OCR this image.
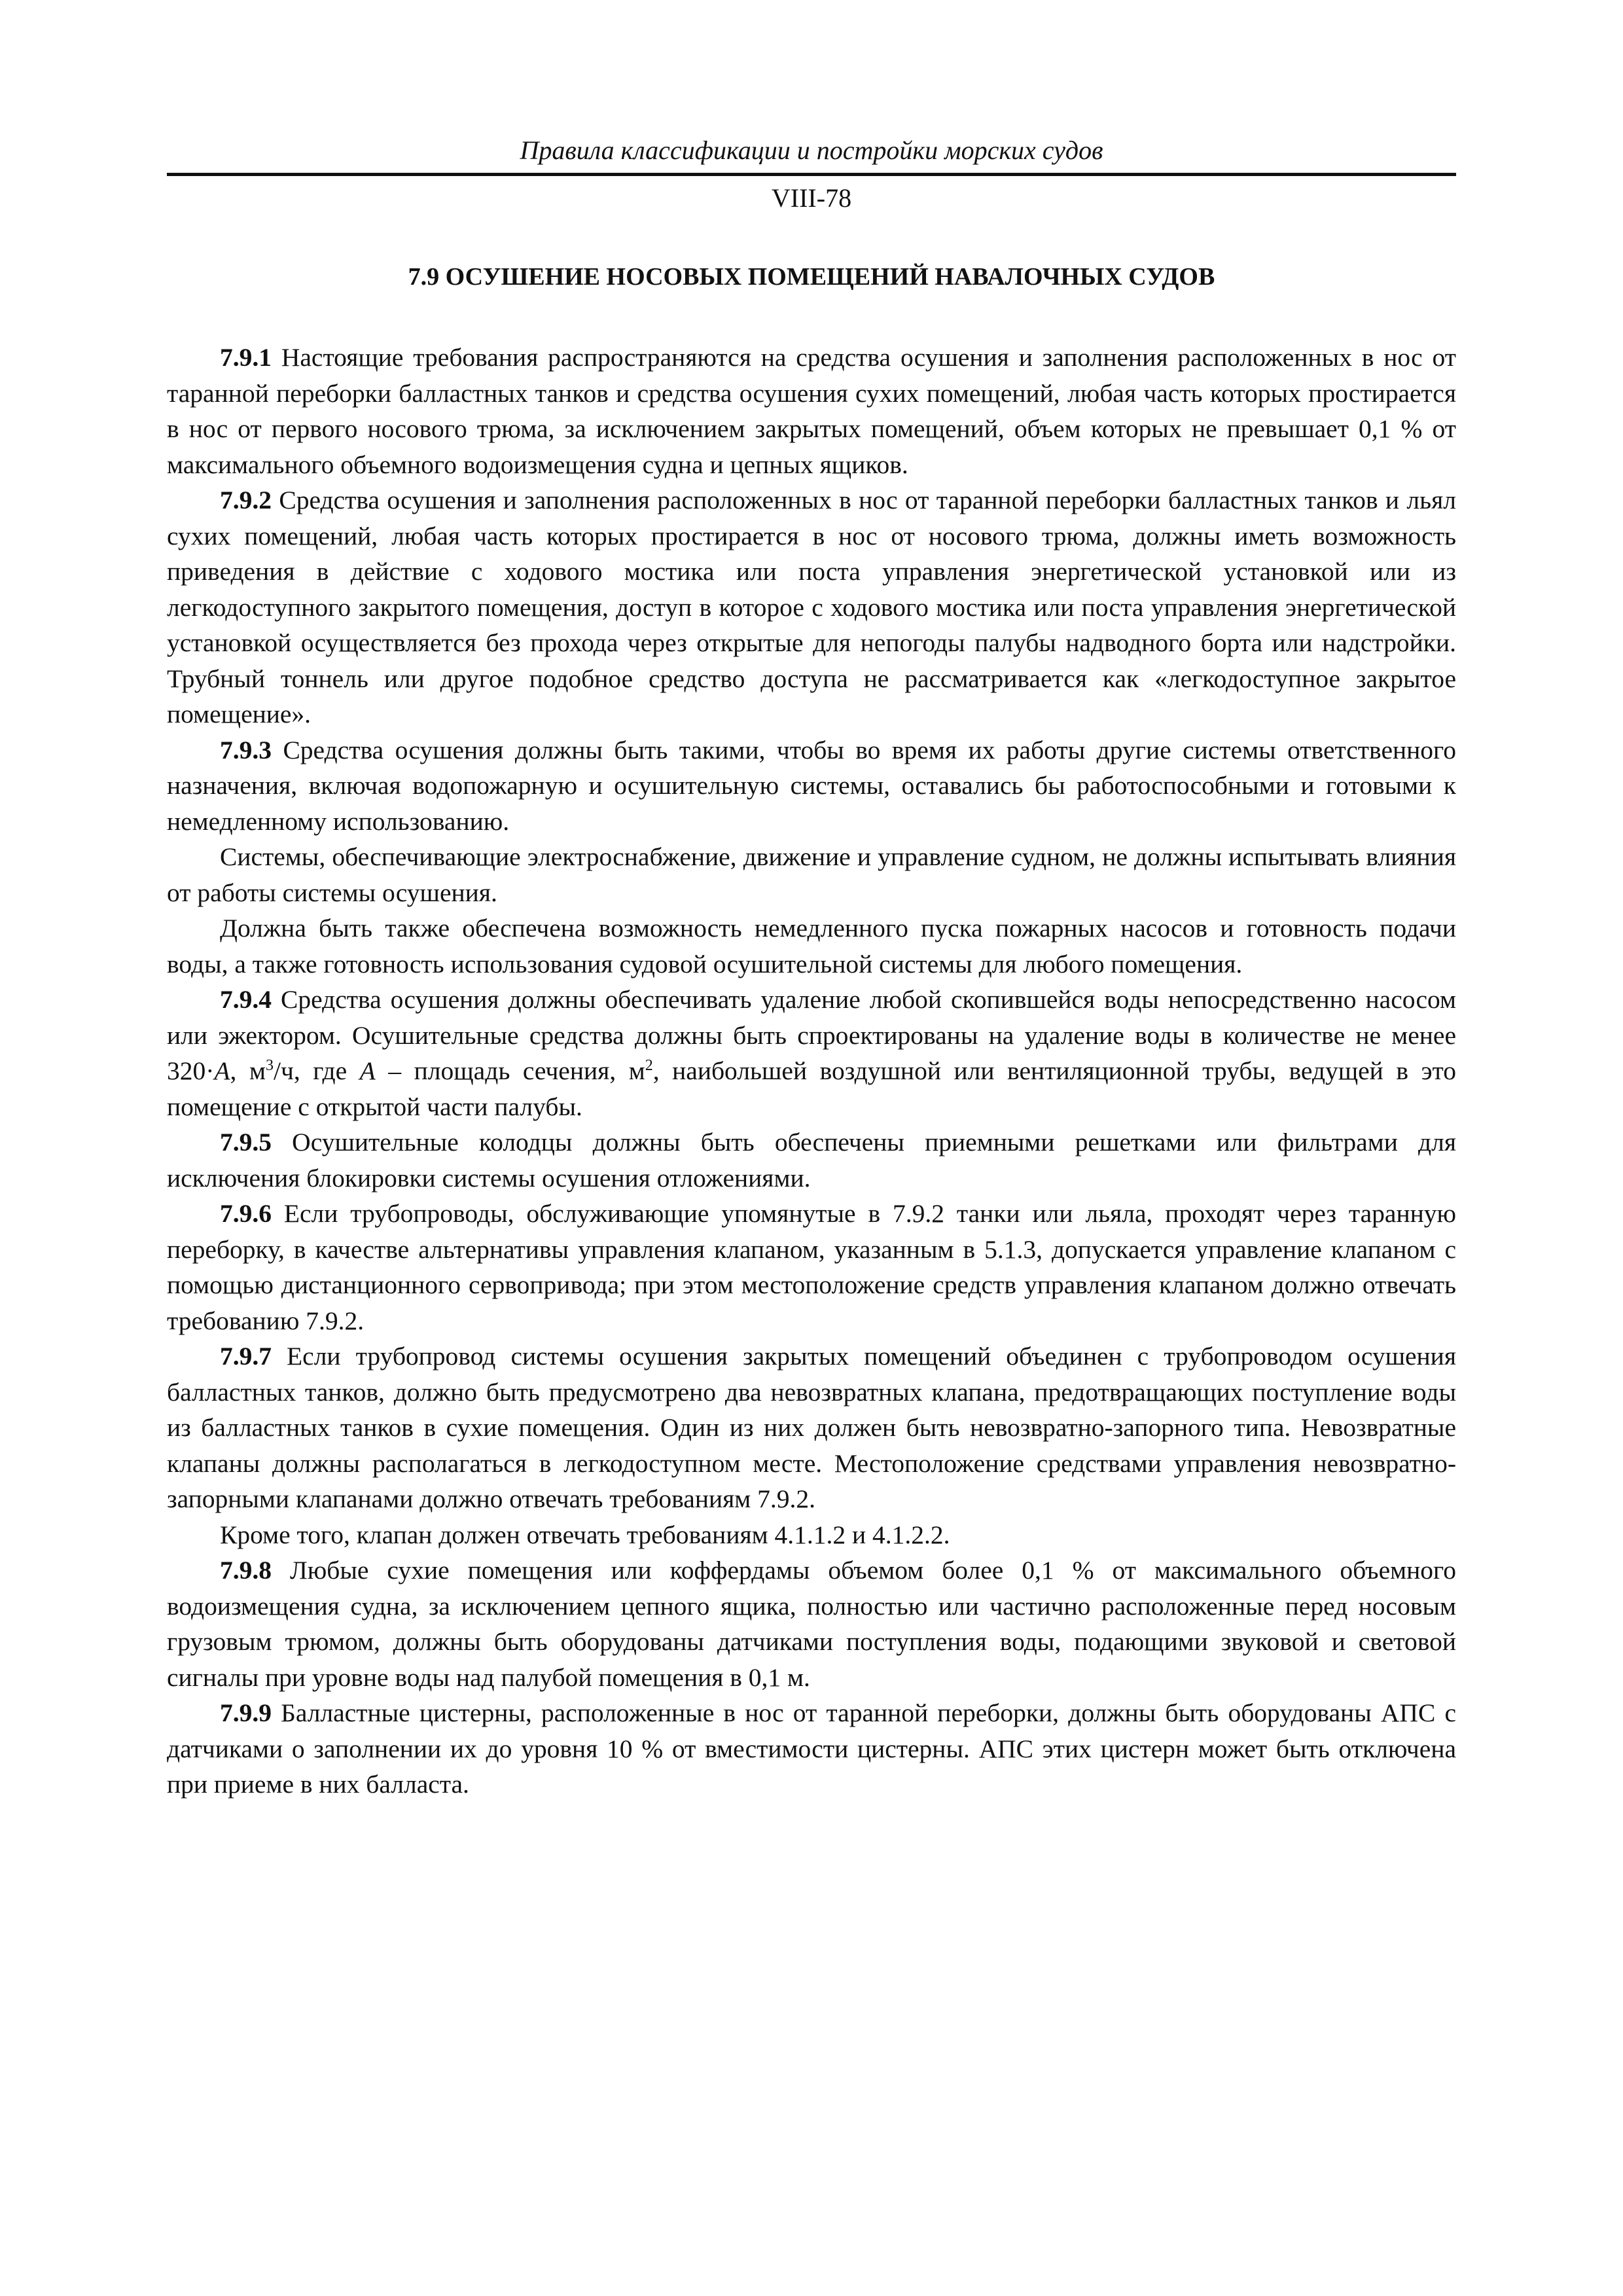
Правила классификации и постройки морских судов

VIII-78

7.9 ОСУШЕНИЕ НОСОВЫХ ПОМЕЩЕНИЙ НАВАЛОЧНЫХ СУДОВ

7.9.1 Настоящие требования распространяются на средства осушения и заполнения расположенных в нос от таранной переборки балластных танков и средства осушения сухих помещений, любая часть которых простирается в нос от первого носового трюма, за исключением закрытых помещений, объем которых не превышает 0,1 % от максимального объемного водоизмещения судна и цепных ящиков.

7.9.2 Средства осушения и заполнения расположенных в нос от таранной переборки балластных танков и льял сухих помещений, любая часть которых простирается в нос от носового трюма, должны иметь возможность приведения в действие с ходового мостика или поста управления энергетической установкой или из легкодоступного закрытого помещения, доступ в которое с ходового мостика или поста управления энергетической установкой осуществляется без прохода через открытые для непогоды палубы надводного борта или надстройки. Трубный тоннель или другое подобное средство доступа не рассматривается как «легкодоступное закрытое помещение».

7.9.3 Средства осушения должны быть такими, чтобы во время их работы другие системы ответственного назначения, включая водопожарную и осушительную системы, оставались бы работоспособными и готовыми к немедленному использованию.

Системы, обеспечивающие электроснабжение, движение и управление судном, не должны испытывать влияния от работы системы осушения.

Должна быть также обеспечена возможность немедленного пуска пожарных насосов и готовность подачи воды, а также готовность использования судовой осушительной системы для любого помещения.

7.9.4 Средства осушения должны обеспечивать удаление любой скопившейся воды непосредственно насосом или эжектором. Осушительные средства должны быть спроектированы на удаление воды в количестве не менее 320·A, $м^3/ч$, где A – площадь сечения, $м^2$, наибольшей воздушной или вентиляционной трубы, ведущей в это помещение с открытой части палубы.

7.9.5 Осушительные колодцы должны быть обеспечены приемными решетками или фильтрами для исключения блокировки системы осушения отложениями.

7.9.6 Если трубопроводы, обслуживающие упомянутые в 7.9.2 танки или льяла, проходят через таранную переборку, в качестве альтернативы управления клапаном, указанным в 5.1.3, допускается управление клапаном с помощью дистанционного сервопривода; при этом местоположение средств управления клапаном должно отвечать требованию 7.9.2.

7.9.7 Если трубопровод системы осушения закрытых помещений объединен с трубопроводом осушения балластных танков, должно быть предусмотрено два невозвратных клапана, предотвращающих поступление воды из балластных танков в сухие помещения. Один из них должен быть невозвратно-запорного типа. Невозвратные клапаны должны располагаться в легкодоступном месте. Местоположение средствами управления невозвратно-запорными клапанами должно отвечать требованиям 7.9.2.

Кроме того, клапан должен отвечать требованиям 4.1.1.2 и 4.1.2.2.

7.9.8 Любые сухие помещения или коффердамы объемом более 0,1 % от максимального объемного водоизмещения судна, за исключением цепного ящика, полностью или частично расположенные перед носовым грузовым трюмом, должны быть оборудованы датчиками поступления воды, подающими звуковой и световой сигналы при уровне воды над палубой помещения в 0,1 м.

7.9.9 Балластные цистерны, расположенные в нос от таранной переборки, должны быть оборудованы АПС с датчиками о заполнении их до уровня 10 % от вместимости цистерны. АПС этих цистерн может быть отключена при приеме в них балласта.
